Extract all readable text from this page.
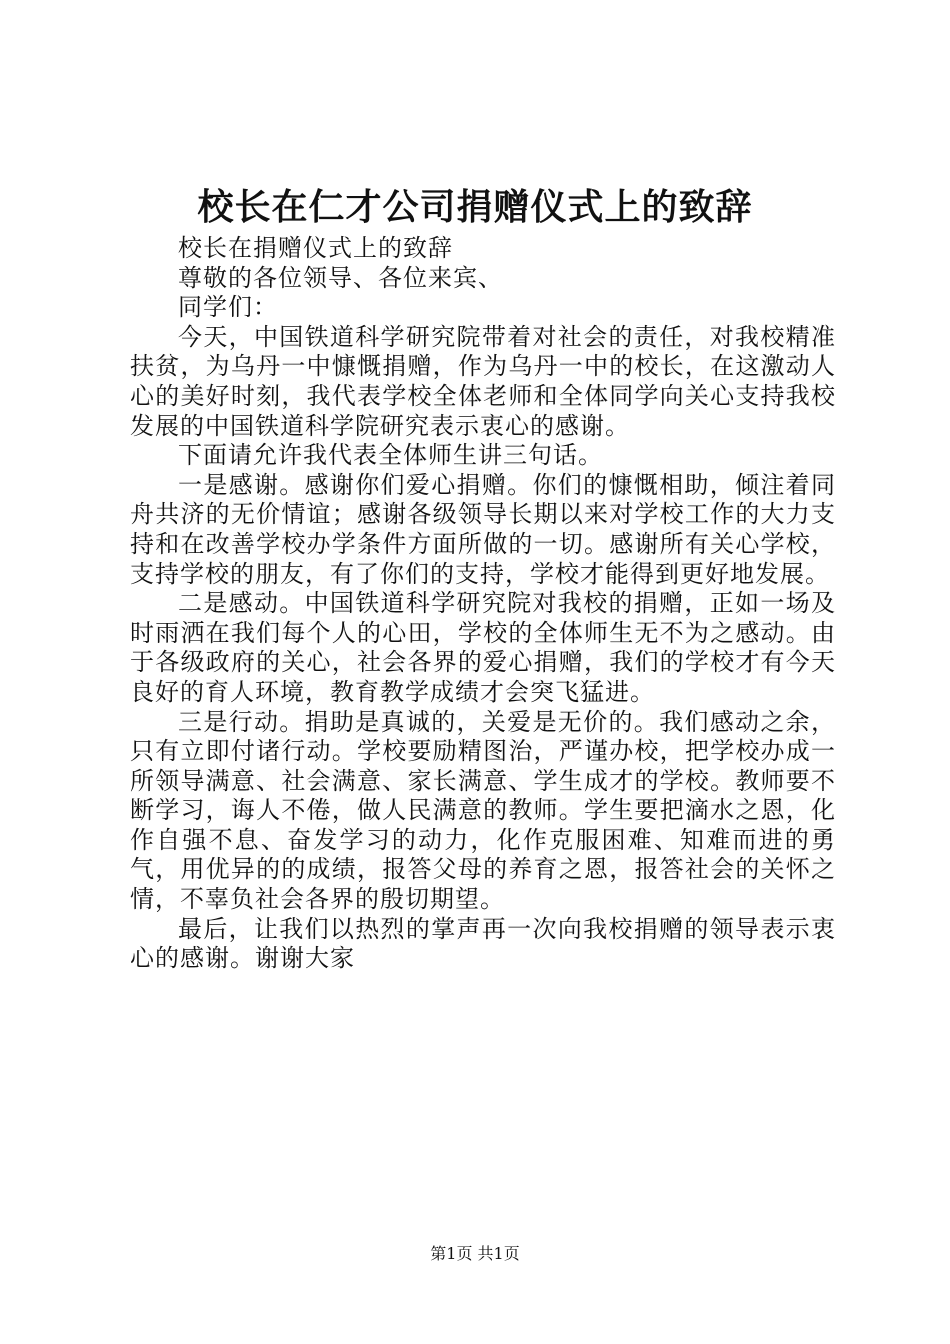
校长在仁才公司捐赠仪式上的致辞

校长在捐赠仪式上的致辞

尊敬的各位领导、各位来宾、

同学们：

今天，中国铁道科学研究院带着对社会的责任，对我校精准扶贫，为乌丹一中慷慨捐赠，作为乌丹一中的校长，在这激动人心的美好时刻，我代表学校全体老师和全体同学向关心支持我校发展的中国铁道科学院研究表示衷心的感谢。

下面请允许我代表全体师生讲三句话。

一是感谢。感谢你们爱心捐赠。你们的慷慨相助，倾注着同舟共济的无价情谊；感谢各级领导长期以来对学校工作的大力支持和在改善学校办学条件方面所做的一切。感谢所有关心学校，支持学校的朋友，有了你们的支持，学校才能得到更好地发展。

二是感动。中国铁道科学研究院对我校的捐赠，正如一场及时雨洒在我们每个人的心田，学校的全体师生无不为之感动。由于各级政府的关心，社会各界的爱心捐赠，我们的学校才有今天良好的育人环境，教育教学成绩才会突飞猛进。

三是行动。捐助是真诚的，关爱是无价的。我们感动之余，只有立即付诸行动。学校要励精图治，严谨办校，把学校办成一所领导满意、社会满意、家长满意、学生成才的学校。教师要不断学习，诲人不倦，做人民满意的教师。学生要把滴水之恩，化作自强不息、奋发学习的动力，化作克服困难、知难而进的勇气，用优异的的成绩，报答父母的养育之恩，报答社会的关怀之情，不辜负社会各界的殷切期望。

最后，让我们以热烈的掌声再一次向我校捐赠的领导表示衷心的感谢。谢谢大家

第1页 共1页
